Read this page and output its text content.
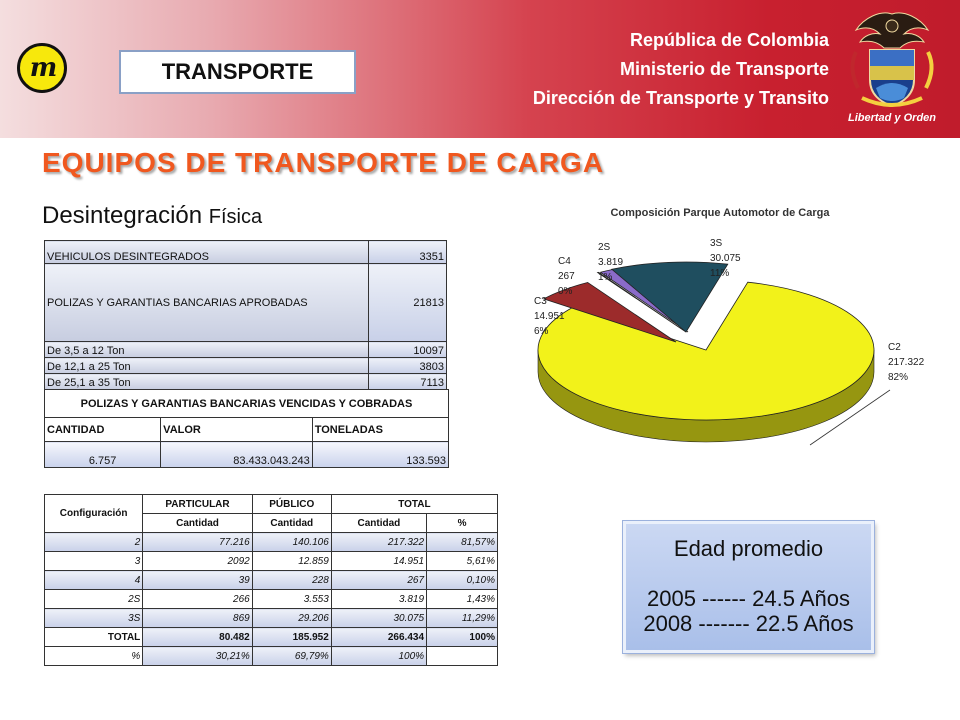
m	TRANSPORTE
República de Colombia
Ministerio de Transporte
Dirección de Transporte y Transito
Libertad y Orden
EQUIPOS DE TRANSPORTE DE CARGA
Desintegración Física
VEHICULOS DESINTEGRADOS	3351
POLIZAS Y GARANTIAS BANCARIAS APROBADAS	21813
De 3,5 a 12 Ton	10097
De 12,1 a 25 Ton	3803
De 25,1 a 35 Ton	7113
POLIZAS Y GARANTIAS BANCARIAS VENCIDAS Y COBRADAS		
CANTIDAD	VALOR	TONELADAS
6.757	83.433.043.243	133.593
Configuración	PARTICULAR	PÚBLICO	TOTAL	
	Cantidad	Cantidad	Cantidad	%
2	77.216	140.106	217.322	81,57%
3	2092	12.859	14.951	5,61%
4	39	228	267	0,10%
2S	266	3.553	3.819	1,43%
3S	869	29.206	30.075	11,29%
TOTAL	80.482	185.952	266.434	100%
%	30,21%	69,79%	100%	
Composición Parque Automotor de Carga
C2
217.322
82%
C3
14.951
6%
C4
267
0%
2S
3.819
1%
3S
30.075
11%
Edad promedio
2005 ------ 24.5 Años
2008 ------- 22.5 Años
